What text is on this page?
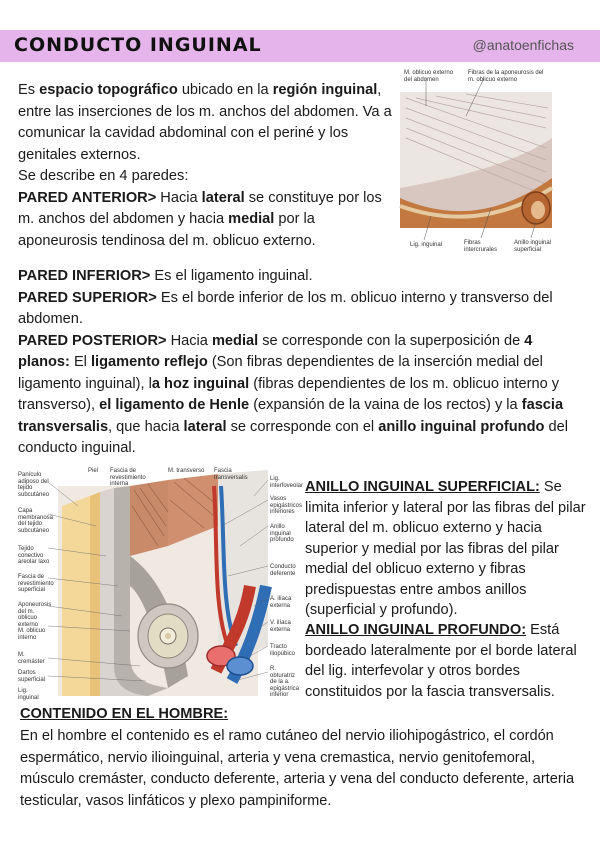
CONDUCTO INGUINAL	@anatoenfichas
Es espacio topográfico ubicado en la región inguinal, entre las inserciones de los m. anchos del abdomen. Va a comunicar la cavidad abdominal con el periné y los genitales externos.
Se describe en 4 paredes:
PARED ANTERIOR> Hacia lateral se constituye por los m. anchos del abdomen y hacia medial por la aponeurosis tendinosa del m. oblicuo externo.
M. oblicuo externo del abdomen
Fibras de la aponeurosis del m. oblicuo externo
Lig. inguinal	Fibras intercrurales
Anillo inguinal superficial
PARED INFERIOR> Es el ligamento inguinal.
PARED SUPERIOR> Es el borde inferior de los m. oblicuo interno y transverso del abdomen.
PARED POSTERIOR> Hacia medial se corresponde con la superposición de 4 planos: El ligamento reflejo (Son fibras dependientes de la inserción medial del ligamento inguinal), la hoz inguinal (fibras dependientes de los m. oblicuo interno y transverso), el ligamento de Henle (expansión de la vaina de los rectos) y la fascia transversalis, que hacia lateral se corresponde con el anillo inguinal profundo del conducto inguinal.
Piel	Fascia de revestimiento interna
M. transverso Fascia transversalis
Panículo adiposo del tejido subcutáneo
Capa membranosa del tejido subcutáneo
Tejido conectivo areolar laxo
Fascia de revestimiento superficial
Aponeurosis del m. oblicuo externo
M. oblicuo interno
M. cremáster
Dartos superficial
Lig. inguinal
Lig. interfoveolar
Vasos epigástricos inferiores
Anillo inguinal profundo
Conducto deferente
A. ilíaca externa
V. ilíaca externa
Tracto iliopúbico
R. obturatriz de la a. epigástrica inferior
ANILLO INGUINAL SUPERFICIAL: Se limita inferior y lateral por las fibras del pilar lateral del m. oblicuo externo y hacia superior y medial por las fibras del pilar medial del oblicuo externo y fibras predispuestas entre ambos anillos (superficial y profundo).
ANILLO INGUINAL PROFUNDO: Está bordeado lateralmente por el borde lateral del lig. interfevolar y otros bordes constituidos por la fascia transversalis.
CONTENIDO EN EL HOMBRE:
En el hombre el contenido es el ramo cutáneo del nervio iliohipogástrico, el cordón espermático, nervio ilioinguinal, arteria y vena cremastica, nervio genitofemoral, músculo cremáster, conducto deferente, arteria y vena del conducto deferente, arteria testicular, vasos linfáticos y plexo pampiniforme.
